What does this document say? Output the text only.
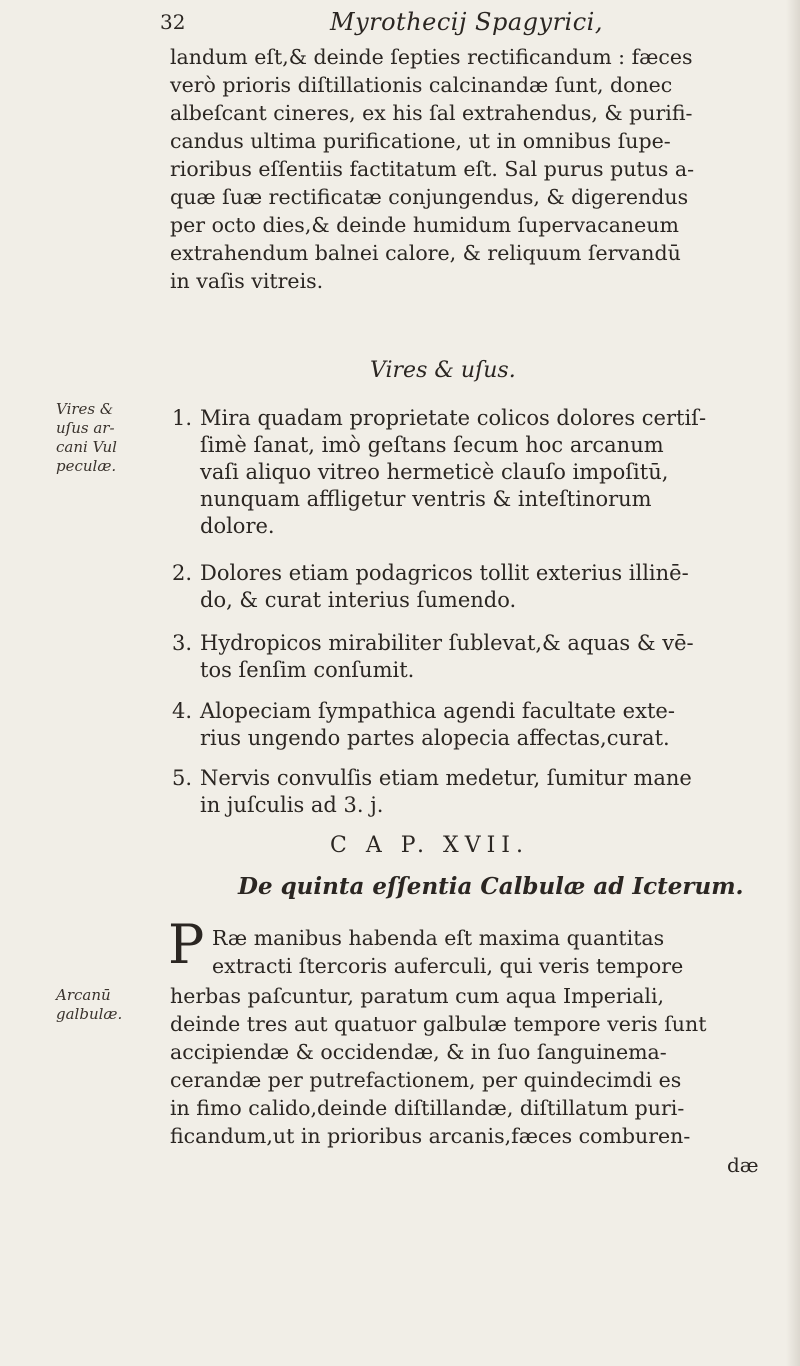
32	Myrothecij Spagyrici,
landum eſt,& deinde ſepties rectificandum : fæces
verò prioris diſtillationis calcinandæ ſunt, donec
albeſcant cineres, ex his ſal extrahendus, & purifi-
candus ultima purificatione, ut in omnibus ſupe-
rioribus eſſentiis factitatum eſt. Sal purus putus a-
quæ ſuæ rectificatæ conjungendus, & digerendus
per octo dies,& deinde humidum ſupervacaneum
extrahendum balnei calore, & reliquum ſervandū
in vaſis vitreis.
Vires & uſus.
Vires &
uſus ar-
cani Vul
peculæ.
1. Mira quadam proprietate colicos dolores certiſ-
ſimè ſanat, imò geſtans ſecum hoc arcanum
vaſi aliquo vitreo hermeticè clauſo impoſitū,
nunquam affligetur ventris & inteſtinorum
dolore.
2. Dolores etiam podagricos tollit exterius illinē-
do, & curat interius ſumendo.
3. Hydropicos mirabiliter ſublevat,& aquas & vē-
tos ſenſim conſumit.
4. Alopeciam ſympathica agendi facultate exte-
rius ungendo partes alopecia affectas,curat.
5. Nervis convulſis etiam medetur, ſumitur mane
in juſculis ad 3. j.
C A P. XVII.
De quinta eſſentia Calbulæ ad Icterum.
Arcanū
galbulæ.
P Ræ manibus habenda eſt maxima quantitas
extracti ſtercoris auferculi, qui veris tempore
herbas paſcuntur, paratum cum aqua Imperiali,
deinde tres aut quatuor galbulæ tempore veris ſunt
accipiendæ & occidendæ, & in ſuo ſanguinema-
cerandæ per putrefactionem, per quindecimdi es
in fimo calido,deinde diſtillandæ, diſtillatum puri-
ficandum,ut in prioribus arcanis,fæces comburen-
dæ
